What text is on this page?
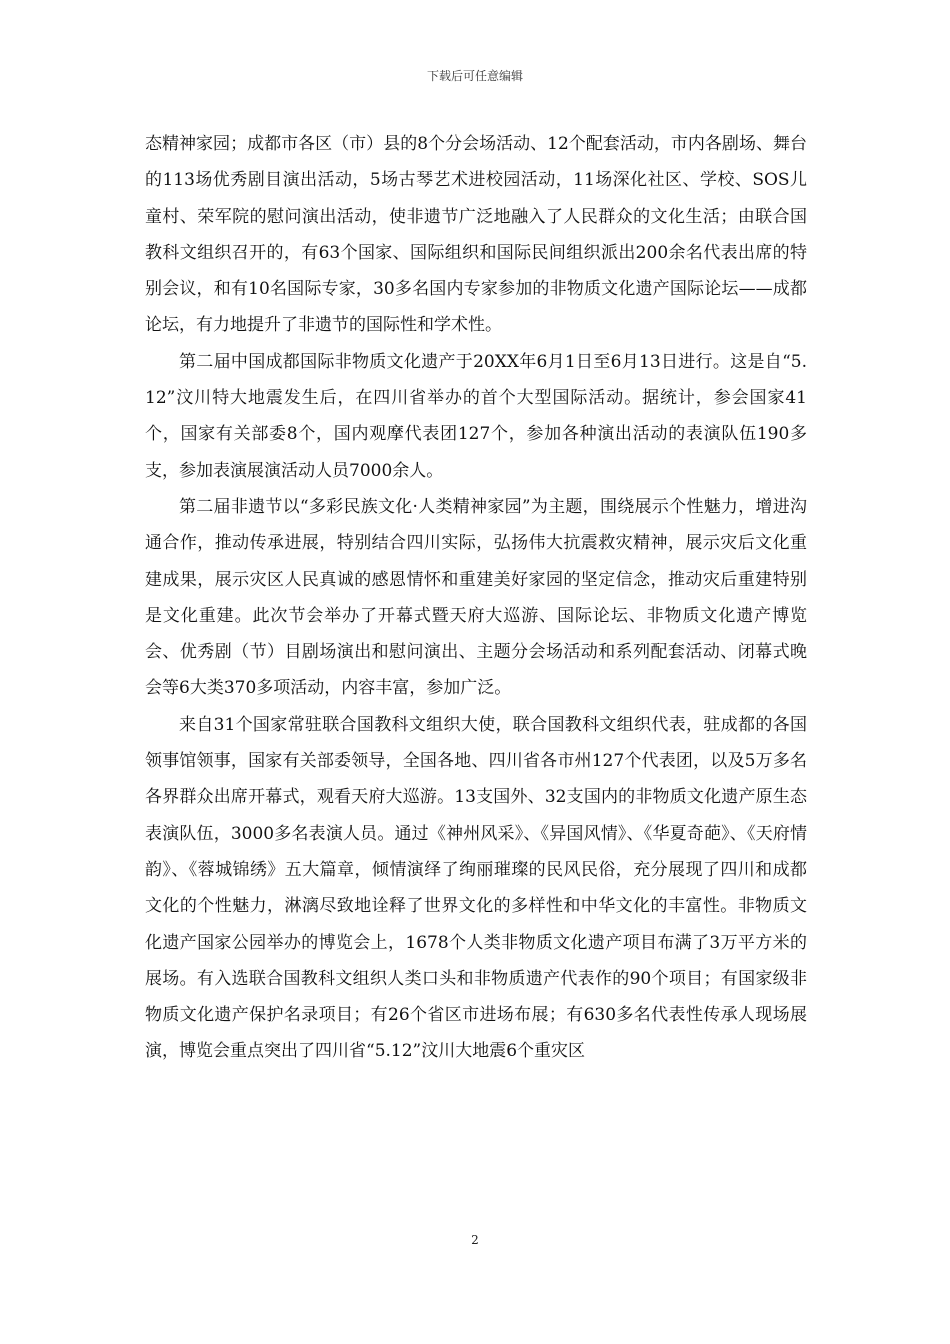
下载后可任意编辑

态精神家园；成都市各区（市）县的8个分会场活动、12个配套活动，市内各剧场、舞台的113场优秀剧目演出活动，5场古琴艺术进校园活动，11场深化社区、学校、SOS儿童村、荣军院的慰问演出活动，使非遗节广泛地融入了人民群众的文化生活；由联合国教科文组织召开的，有63个国家、国际组织和国际民间组织派出200余名代表出席的特别会议，和有10名国际专家，30多名国内专家参加的非物质文化遗产国际论坛——成都论坛，有力地提升了非遗节的国际性和学术性。

第二届中国成都国际非物质文化遗产于20XX年6月1日至6月13日进行。这是自“5.12”汶川特大地震发生后，在四川省举办的首个大型国际活动。据统计，参会国家41个，国家有关部委8个，国内观摩代表团127个，参加各种演出活动的表演队伍190多支，参加表演展演活动人员7000余人。

第二届非遗节以“多彩民族文化·人类精神家园”为主题，围绕展示个性魅力，增进沟通合作，推动传承进展，特别结合四川实际，弘扬伟大抗震救灾精神，展示灾后文化重建成果，展示灾区人民真诚的感恩情怀和重建美好家园的坚定信念，推动灾后重建特别是文化重建。此次节会举办了开幕式暨天府大巡游、国际论坛、非物质文化遗产博览会、优秀剧（节）目剧场演出和慰问演出、主题分会场活动和系列配套活动、闭幕式晚会等6大类370多项活动，内容丰富，参加广泛。

来自31个国家常驻联合国教科文组织大使，联合国教科文组织代表，驻成都的各国领事馆领事，国家有关部委领导，全国各地、四川省各市州127个代表团，以及5万多名各界群众出席开幕式，观看天府大巡游。13支国外、32支国内的非物质文化遗产原生态表演队伍，3000多名表演人员。通过《神州风采》、《异国风情》、《华夏奇葩》、《天府情韵》、《蓉城锦绣》五大篇章，倾情演绎了绚丽璀璨的民风民俗，充分展现了四川和成都文化的个性魅力，淋漓尽致地诠释了世界文化的多样性和中华文化的丰富性。非物质文化遗产国家公园举办的博览会上，1678个人类非物质文化遗产项目布满了3万平方米的展场。有入选联合国教科文组织人类口头和非物质遗产代表作的90个项目；有国家级非物质文化遗产保护名录项目；有26个省区市进场布展；有630多名代表性传承人现场展演，博览会重点突出了四川省“5.12”汶川大地震6个重灾区

2
